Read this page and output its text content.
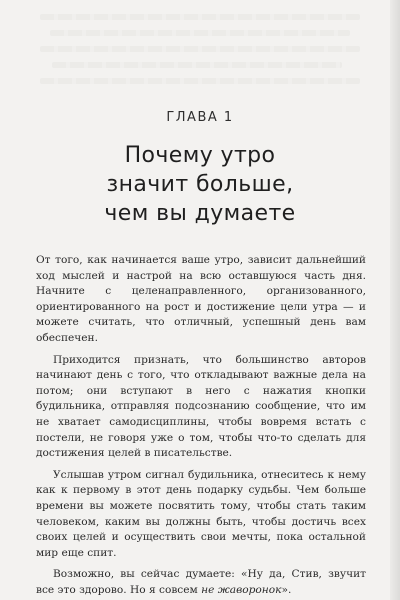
ГЛАВА 1
Почему утро
значит больше,
чем вы думаете

От того, как начинается ваше утро, зависит дальнейший ход мыслей и настрой на всю оставшуюся часть дня. Начните с целенаправленного, организованного, ориентированного на рост и достижение цели утра — и можете считать, что отличный, успешный день вам обеспечен.

Приходится признать, что большинство авторов начинают день с того, что откладывают важные дела на потом; они вступают в него с нажатия кнопки будильника, отправляя подсознанию сообщение, что им не хватает самодисциплины, чтобы вовремя встать с постели, не говоря уже о том, чтобы что-то сделать для достижения целей в писательстве.

Услышав утром сигнал будильника, отнеситесь к нему как к первому в этот день подарку судьбы. Чем больше времени вы можете посвятить тому, чтобы стать таким человеком, каким вы должны быть, чтобы достичь всех своих целей и осуществить свои мечты, пока остальной мир еще спит.

Возможно, вы сейчас думаете: «Ну да, Стив, звучит все это здорово. Но я совсем не жаворонок».
